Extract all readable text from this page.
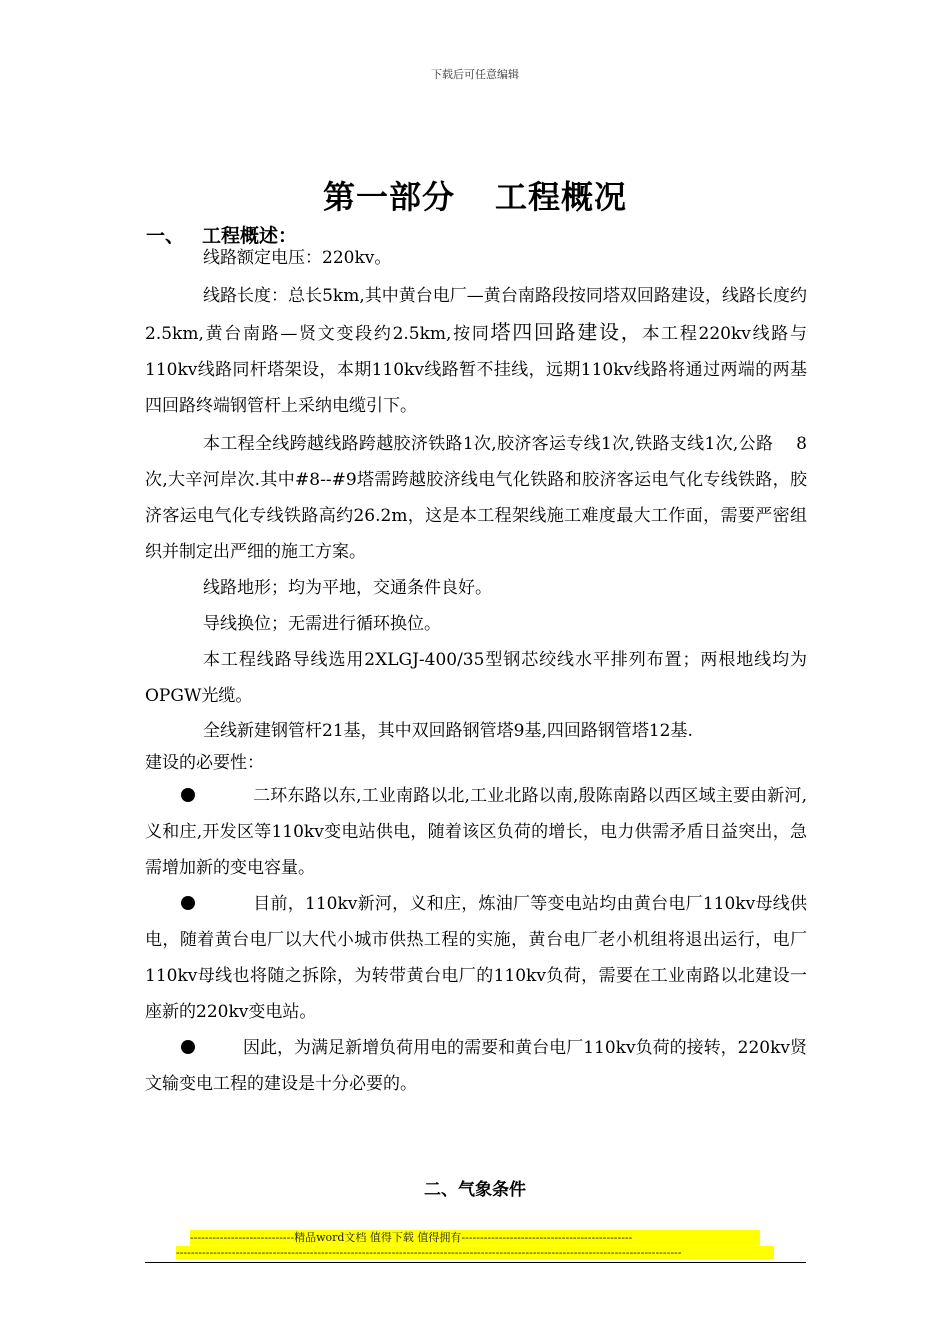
下载后可任意编辑
第一部分 工程概况
一、 工程概述：

线路额定电压：220kv。

线路长度：总长5km,其中黄台电厂—黄台南路段按同塔双回路建设，线路长度约2.5km,黄台南路—贤文变段约2.5km,按同塔四回路建设，本工程220kv线路与110kv线路同杆塔架设，本期110kv线路暂不挂线，远期110kv线路将通过两端的两基四回路终端钢管杆上采纳电缆引下。

本工程全线跨越线路跨越胶济铁路1次,胶济客运专线1次,铁路支线1次,公路    8次,大辛河岸次.其中#8--#9塔需跨越胶济线电气化铁路和胶济客运电气化专线铁路，胶济客运电气化专线铁路高约26.2m，这是本工程架线施工难度最大工作面，需要严密组织并制定出严细的施工方案。

线路地形；均为平地，交通条件良好。

导线换位；无需进行循环换位。

本工程线路导线选用2XLGJ-400/35型钢芯绞线水平排列布置；两根地线均为OPGW光缆。

全线新建钢管杆21基，其中双回路钢管塔9基,四回路钢管塔12基.

建设的必要性：

二环东路以东,工业南路以北,工业北路以南,殷陈南路以西区域主要由新河,义和庄,开发区等110kv变电站供电，随着该区负荷的增长，电力供需矛盾日益突出，急需增加新的变电容量。

目前，110kv新河，义和庄，炼油厂等变电站均由黄台电厂110kv母线供电，随着黄台电厂以大代小城市供热工程的实施，黄台电厂老小机组将退出运行，电厂110kv母线也将随之拆除，为转带黄台电厂的110kv负荷，需要在工业南路以北建设一座新的220kv变电站。

因此，为满足新增负荷用电的需要和黄台电厂110kv负荷的接转，220kv贤文输变电工程的建设是十分必要的。

二、气象条件
----------------------------精品word文档 值得下载 值得拥有----------------------------------------------
----------------------------------------------------------------------------------------------------------------------------------------
